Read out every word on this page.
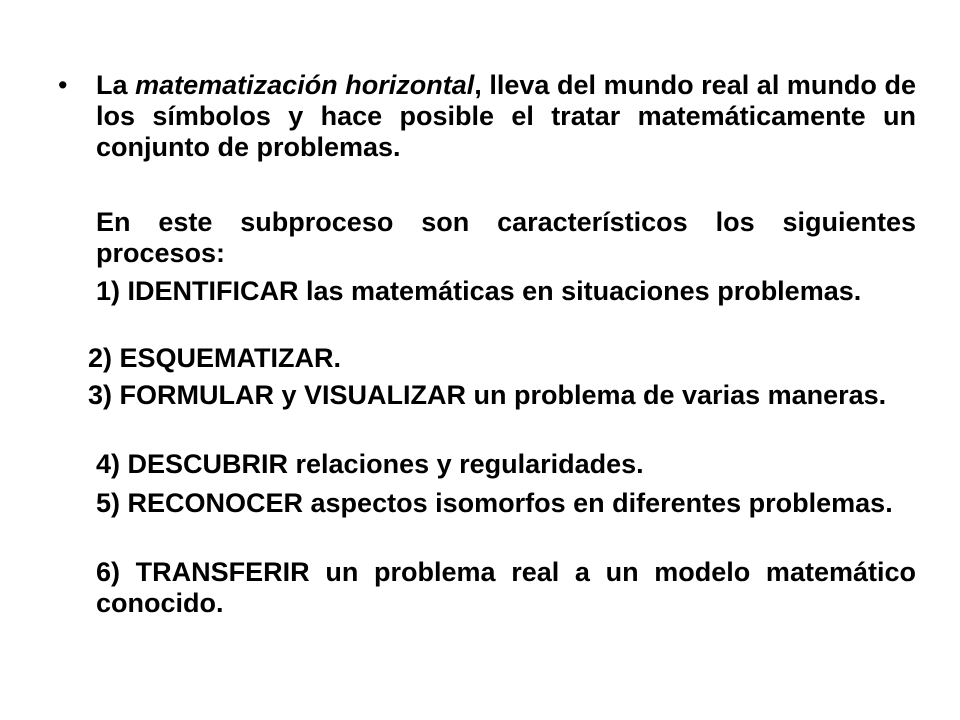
• La matematización horizontal, lleva del mundo real al mundo de los símbolos y hace posible el tratar matemáticamente un conjunto de problemas.

En este subproceso son característicos los siguientes procesos:

1) IDENTIFICAR las matemáticas en situaciones problemas.

2) ESQUEMATIZAR.

3) FORMULAR y VISUALIZAR un problema de varias maneras.

4) DESCUBRIR relaciones y regularidades.

5) RECONOCER aspectos isomorfos en diferentes problemas.

6) TRANSFERIR un problema real a un modelo matemático conocido.
